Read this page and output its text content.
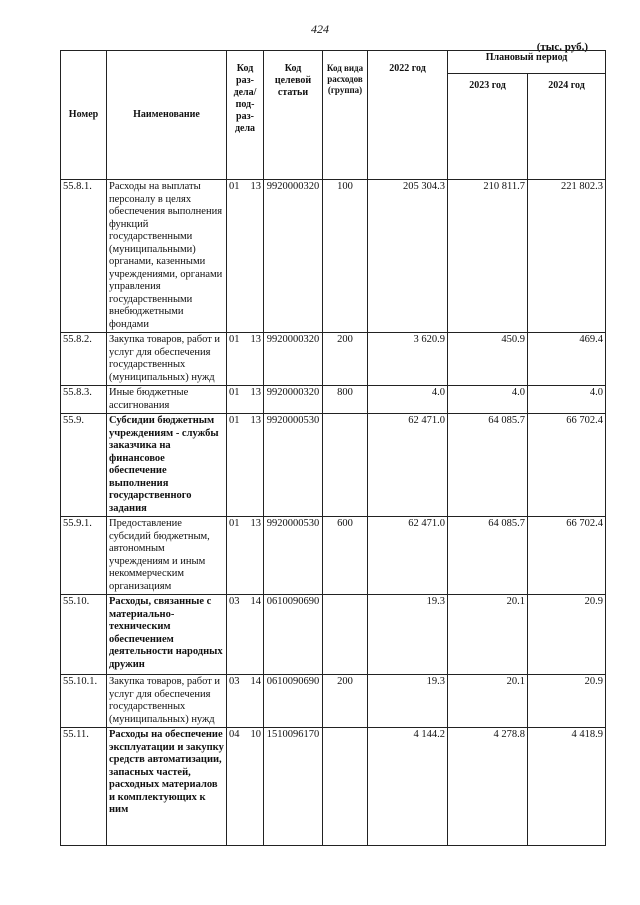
424
(тыс. руб.)
Номер	Наименование	Код раз-дела/ под-раз-дела		Код целевой статьи	Код вида расходов (группа)	2022 год	Плановый период	
							2023 год	2024 год
55.8.1.	Расходы на выплаты персоналу в целях обеспечения выполнения функций государственными (муниципальными) органами, казенными учреждениями, органами управления государственными внебюджетными фондами	01	13	9920000320	100	205 304.3	210 811.7	221 802.3
55.8.2.	Закупка товаров, работ и услуг для обеспечения государственных (муниципальных) нужд	01	13	9920000320	200	3 620.9	450.9	469.4
55.8.3.	Иные бюджетные ассигнования	01	13	9920000320	800	4.0	4.0	4.0
55.9.	Субсидии бюджетным учреждениям - службы заказчика на финансовое обеспечение выполнения государственного задания	01	13	9920000530		62 471.0	64 085.7	66 702.4
55.9.1.	Предоставление субсидий бюджетным, автономным учреждениям и иным некоммерческим организациям	01	13	9920000530	600	62 471.0	64 085.7	66 702.4
55.10.	Расходы, связанные с материально-техническим обеспечением деятельности народных дружин	03	14	0610090690		19.3	20.1	20.9
55.10.1.	Закупка товаров, работ и услуг для обеспечения государственных (муниципальных) нужд	03	14	0610090690	200	19.3	20.1	20.9
55.11.	Расходы на обеспечение эксплуатации и закупку средств автоматизации, запасных частей, расходных материалов и комплектующих к ним	04	10	1510096170		4 144.2	4 278.8	4 418.9
